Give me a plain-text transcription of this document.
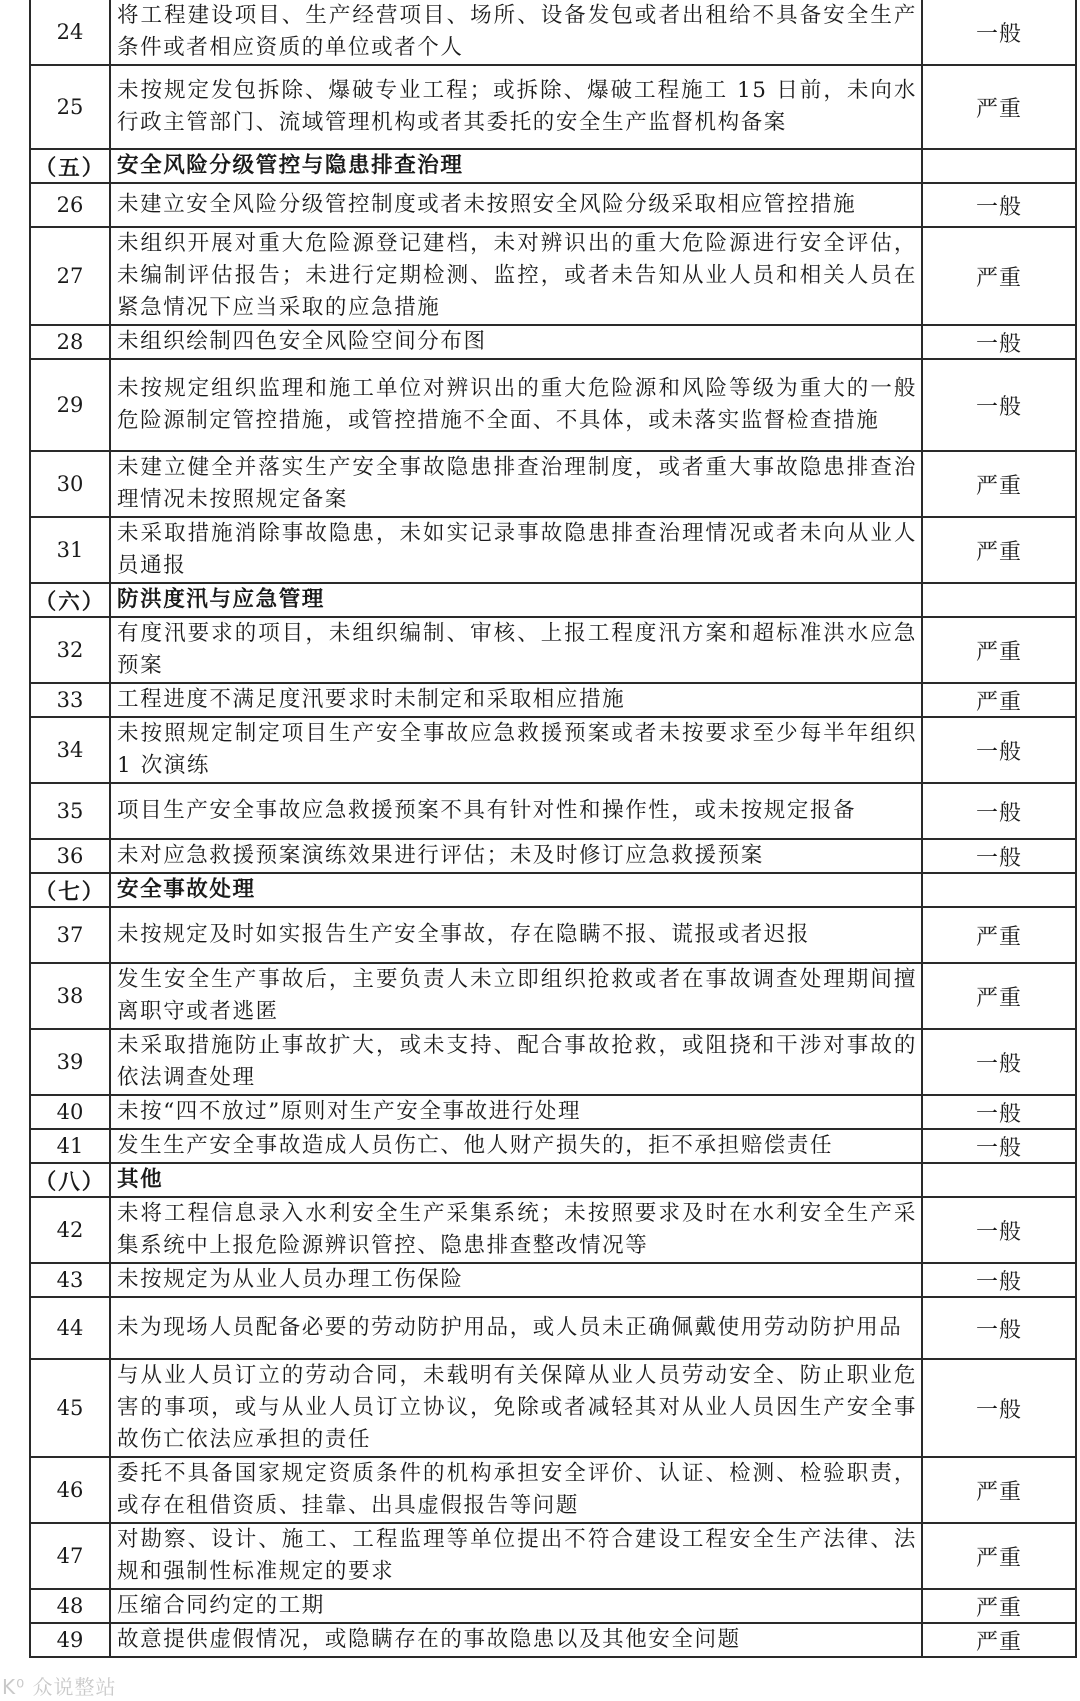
24	将工程建设项目、生产经营项目、场所、设备发包或者出租给不具备安全生产条件或者相应资质的单位或者个人	一般
25	未按规定发包拆除、爆破专业工程；或拆除、爆破工程施工 15 日前，未向水行政主管部门、流域管理机构或者其委托的安全生产监督机构备案	严重
（五）	安全风险分级管控与隐患排查治理	
26	未建立安全风险分级管控制度或者未按照安全风险分级采取相应管控措施	一般
27	未组织开展对重大危险源登记建档，未对辨识出的重大危险源进行安全评估，未编制评估报告；未进行定期检测、监控，或者未告知从业人员和相关人员在紧急情况下应当采取的应急措施	严重
28	未组织绘制四色安全风险空间分布图	一般
29	未按规定组织监理和施工单位对辨识出的重大危险源和风险等级为重大的一般危险源制定管控措施，或管控措施不全面、不具体，或未落实监督检查措施	一般
30	未建立健全并落实生产安全事故隐患排查治理制度，或者重大事故隐患排查治理情况未按照规定备案	严重
31	未采取措施消除事故隐患，未如实记录事故隐患排查治理情况或者未向从业人员通报	严重
（六）	防洪度汛与应急管理	
32	有度汛要求的项目，未组织编制、审核、上报工程度汛方案和超标准洪水应急预案	严重
33	工程进度不满足度汛要求时未制定和采取相应措施	严重
34	未按照规定制定项目生产安全事故应急救援预案或者未按要求至少每半年组织 1 次演练	一般
35	项目生产安全事故应急救援预案不具有针对性和操作性，或未按规定报备	一般
36	未对应急救援预案演练效果进行评估；未及时修订应急救援预案	一般
（七）	安全事故处理	
37	未按规定及时如实报告生产安全事故，存在隐瞒不报、谎报或者迟报	严重
38	发生安全生产事故后，主要负责人未立即组织抢救或者在事故调查处理期间擅离职守或者逃匿	严重
39	未采取措施防止事故扩大，或未支持、配合事故抢救，或阻挠和干涉对事故的依法调查处理	一般
40	未按“四不放过”原则对生产安全事故进行处理	一般
41	发生生产安全事故造成人员伤亡、他人财产损失的，拒不承担赔偿责任	一般
（八）	其他	
42	未将工程信息录入水利安全生产采集系统；未按照要求及时在水利安全生产采集系统中上报危险源辨识管控、隐患排查整改情况等	一般
43	未按规定为从业人员办理工伤保险	一般
44	未为现场人员配备必要的劳动防护用品，或人员未正确佩戴使用劳动防护用品	一般
45	与从业人员订立的劳动合同，未载明有关保障从业人员劳动安全、防止职业危害的事项，或与从业人员订立协议，免除或者减轻其对从业人员因生产安全事故伤亡依法应承担的责任	一般
46	委托不具备国家规定资质条件的机构承担安全评价、认证、检测、检验职责，或存在租借资质、挂靠、出具虚假报告等问题	严重
47	对勘察、设计、施工、工程监理等单位提出不符合建设工程安全生产法律、法规和强制性标准规定的要求	严重
48	压缩合同约定的工期	严重
49	故意提供虚假情况，或隐瞒存在的事故隐患以及其他安全问题	严重
K⁰ 众说整站
